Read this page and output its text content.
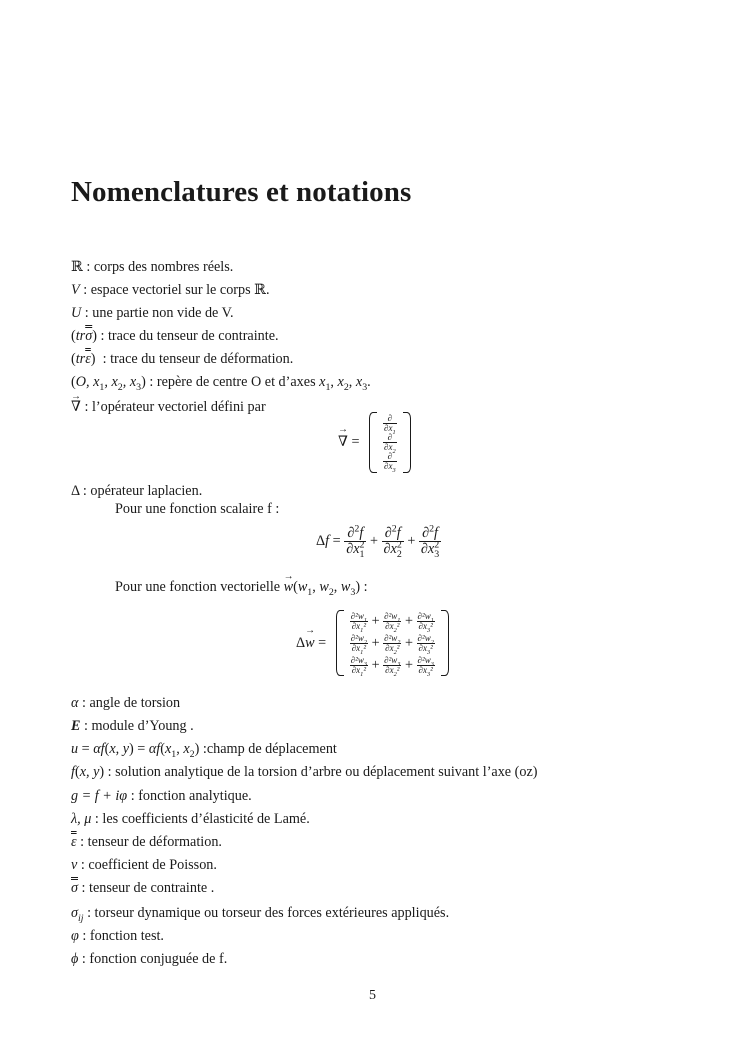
Nomenclatures et notations
ℝ : corps des nombres réels.
V : espace vectoriel sur le corps ℝ.
U : une partie non vide de V.
(trσ) : trace du tenseur de contrainte.
(trε)  : trace du tenseur de déformation.
(O, $x_1$, $x_2$, $x_3$) : repère de centre O et d’axes $x_1$, $x_2$, $x_3$.
→ ∇ : l’opérateur vectoriel défini par
→ ∇ =
∂
$\partial x_1$
∂
$\partial x_2$
∂
$\partial x_3$
Δ : opérateur laplacien.
Pour une fonction scalaire f :
$\Delta f = \frac{\partial^2f}{\partial x^2_1} + \frac{\partial^2f}{\partial x^2_2} + \frac{\partial^2f}{\partial x^2_3}$
Pour une fonction vectorielle → $w(w_1$, $w_2$, $w_3$) :
Δ→ w =
$\frac{\partial^2w_1}{\partial x_1^2} + \frac{\partial^2w_1}{\partial x_2^2} + \frac{\partial^2w_1}{\partial x_3^2}$
$\frac{\partial^2w_2}{\partial x_1^2} + \frac{\partial^2w_2}{\partial x_2^2} + \frac{\partial^2w_2}{\partial x_3^2}$
$\frac{\partial^2w_3}{\partial x_1^2} + \frac{\partial^2w_3}{\partial x_2^2} + \frac{\partial^2w_3}{\partial x_3^2}$
α : angle de torsion
E : module d’Young .
u = αf(x, $y) = \alpha f(x_1$, $x_2$) :champ de déplacement
f(x, y) : solution analytique de la torsion d’arbre ou déplacement suivant l’axe (oz)
g = f + iφ : fonction analytique.
λ, μ : les coefficients d’élasticité de Lamé.
ε : tenseur de déformation.
ν : coefficient de Poisson.
σ : tenseur de contrainte .
$\sigma_{ij}$ : torseur dynamique ou torseur des forces extérieures appliqués.
φ : fonction test.
ϕ : fonction conjuguée de f.
5
